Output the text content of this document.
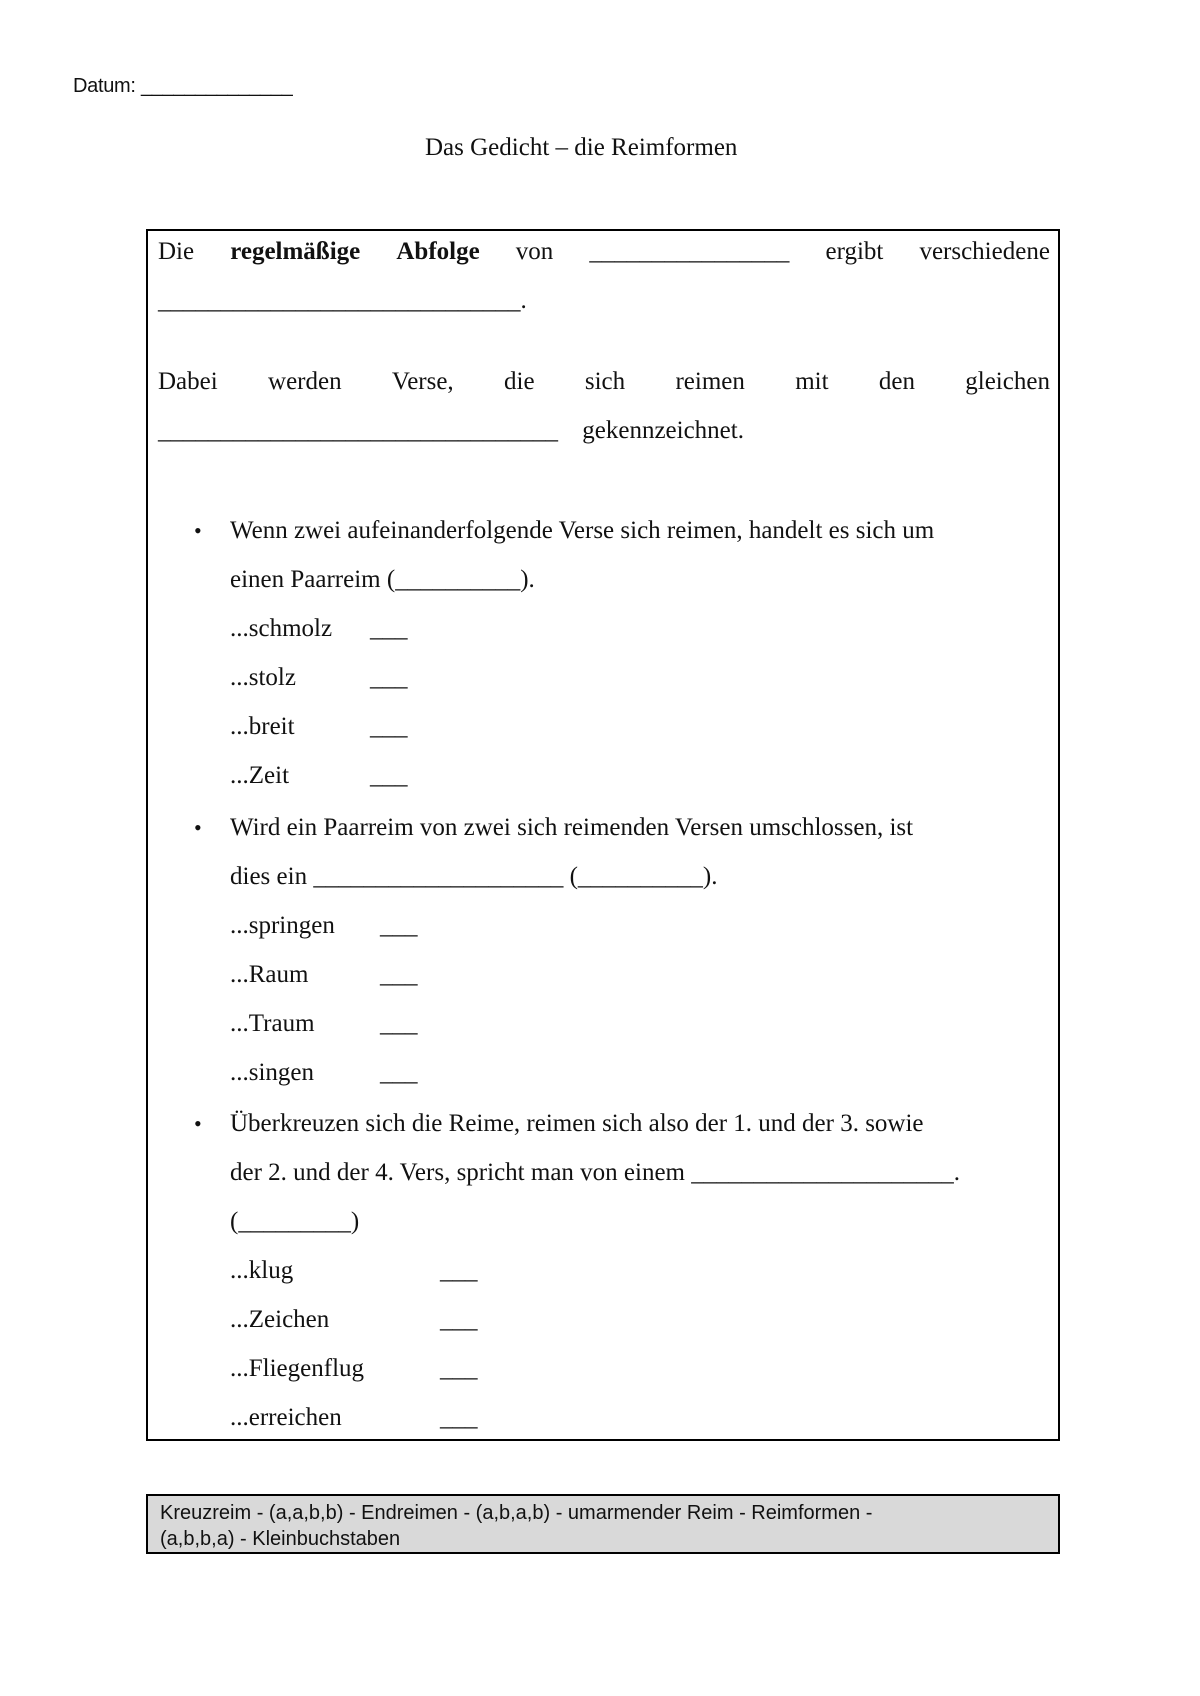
Datum: ______________
Das Gedicht – die Reimformen
Die regelmäßige Abfolge von ________________ ergibt verschiedene
_____________________________.
Dabei werden Verse, die sich reimen mit den gleichen
________________________________ gekennzeichnet.
• Wenn zwei aufeinanderfolgende Verse sich reimen, handelt es sich um
einen Paarreim (__________).
...schmolz ___
...stolz	___
...breit	___
...Zeit	___
• Wird ein Paarreim von zwei sich reimenden Versen umschlossen, ist
dies ein ____________________ (__________).
...springen ___
...Raum	___
...Traum	___
...singen	___
• Überkreuzen sich die Reime, reimen sich also der 1. und der 3. sowie
der 2. und der 4. Vers, spricht man von einem _____________________.
(_________)
...klug	___
...Zeichen	___
...Fliegenflug	___
...erreichen	___
Kreuzreim - (a,a,b,b) - Endreimen - (a,b,a,b) - umarmender Reim - Reimformen -
(a,b,b,a) - Kleinbuchstaben
